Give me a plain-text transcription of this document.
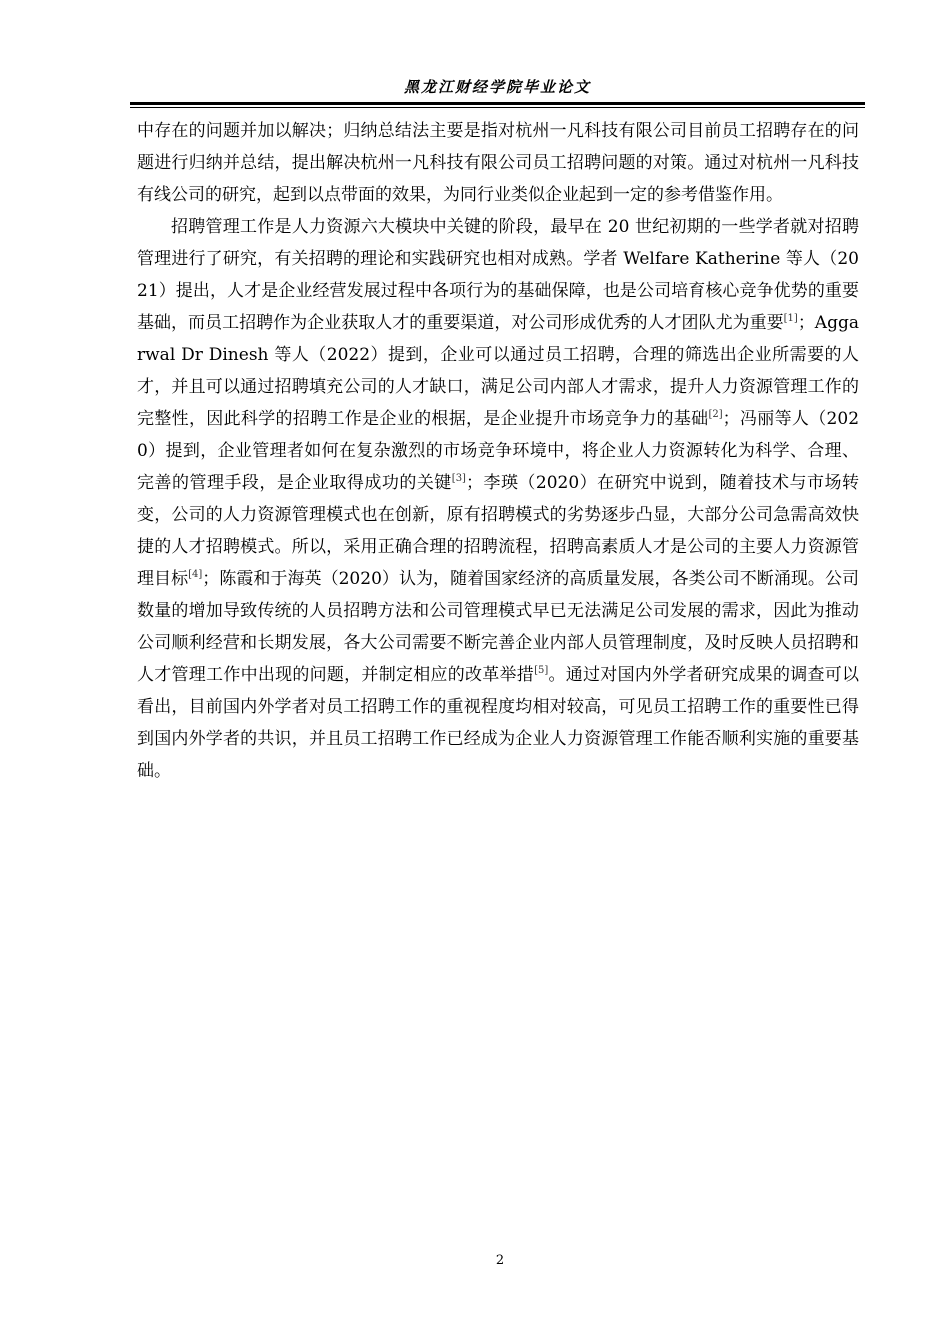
黑龙江财经学院毕业论文

中存在的问题并加以解决；归纳总结法主要是指对杭州一凡科技有限公司目前员工招聘存在的问题进行归纳并总结，提出解决杭州一凡科技有限公司员工招聘问题的对策。通过对杭州一凡科技有线公司的研究，起到以点带面的效果，为同行业类似企业起到一定的参考借鉴作用。

招聘管理工作是人力资源六大模块中关键的阶段，最早在 20 世纪初期的一些学者就对招聘管理进行了研究，有关招聘的理论和实践研究也相对成熟。学者 Welfare Katherine 等人（2021）提出，人才是企业经营发展过程中各项行为的基础保障，也是公司培育核心竞争优势的重要基础，而员工招聘作为企业获取人才的重要渠道，对公司形成优秀的人才团队尤为重要[1]；Aggarwal Dr Dinesh 等人（2022）提到，企业可以通过员工招聘，合理的筛选出企业所需要的人才，并且可以通过招聘填充公司的人才缺口，满足公司内部人才需求，提升人力资源管理工作的完整性，因此科学的招聘工作是企业的根据，是企业提升市场竞争力的基础[2]；冯丽等人（2020）提到，企业管理者如何在复杂激烈的市场竞争环境中，将企业人力资源转化为科学、合理、完善的管理手段，是企业取得成功的关键[3]；李瑛（2020）在研究中说到，随着技术与市场转变，公司的人力资源管理模式也在创新，原有招聘模式的劣势逐步凸显，大部分公司急需高效快捷的人才招聘模式。所以，采用正确合理的招聘流程，招聘高素质人才是公司的主要人力资源管理目标[4]；陈霞和于海英（2020）认为，随着国家经济的高质量发展，各类公司不断涌现。公司数量的增加导致传统的人员招聘方法和公司管理模式早已无法满足公司发展的需求，因此为推动公司顺利经营和长期发展，各大公司需要不断完善企业内部人员管理制度，及时反映人员招聘和人才管理工作中出现的问题，并制定相应的改革举措[5]。通过对国内外学者研究成果的调查可以看出，目前国内外学者对员工招聘工作的重视程度均相对较高，可见员工招聘工作的重要性已得到国内外学者的共识，并且员工招聘工作已经成为企业人力资源管理工作能否顺利实施的重要基础。

2
